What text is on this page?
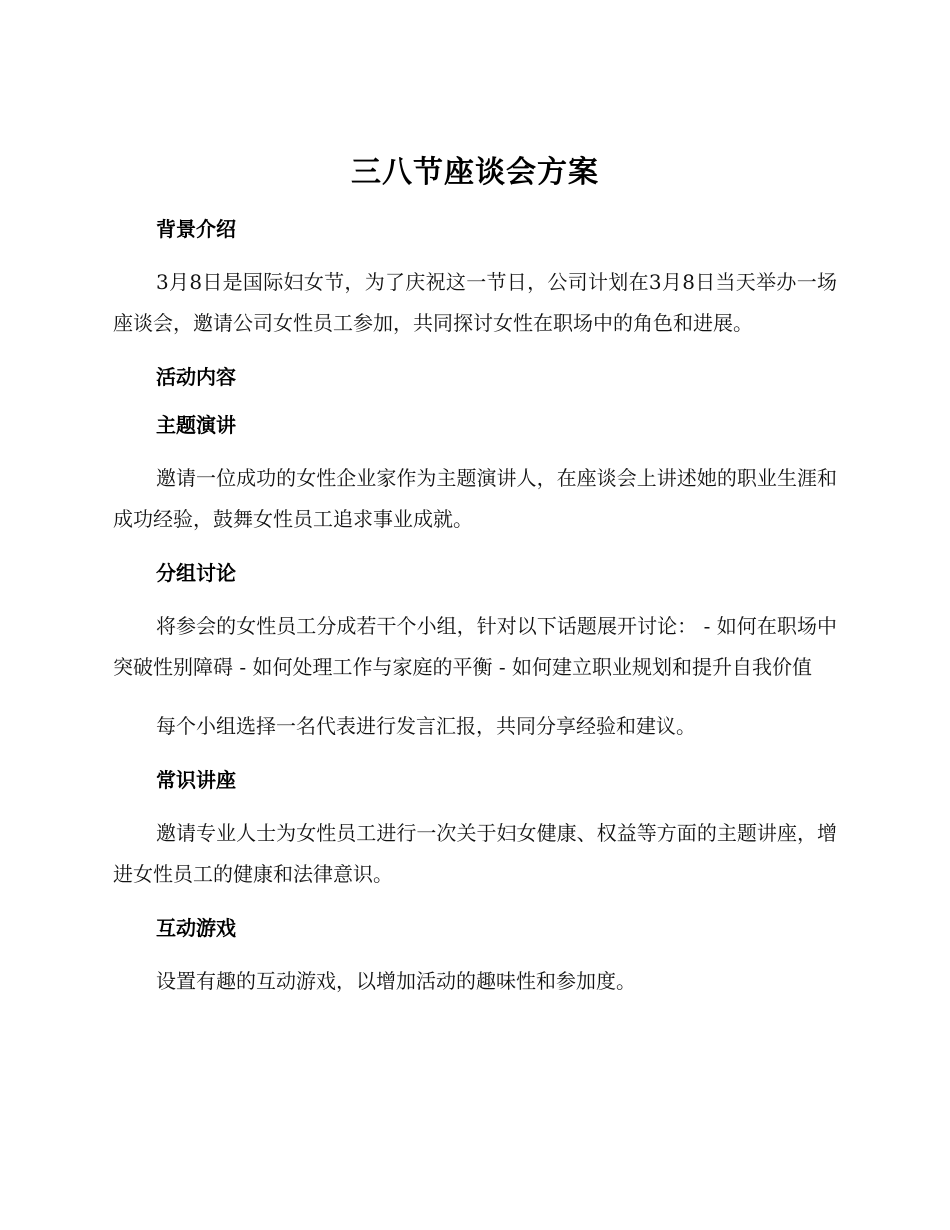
三八节座谈会方案
背景介绍

3月8日是国际妇女节，为了庆祝这一节日，公司计划在3月8日当天举办一场座谈会，邀请公司女性员工参加，共同探讨女性在职场中的角色和进展。

活动内容
主题演讲

邀请一位成功的女性企业家作为主题演讲人，在座谈会上讲述她的职业生涯和成功经验，鼓舞女性员工追求事业成就。

分组讨论

将参会的女性员工分成若干个小组，针对以下话题展开讨论： - 如何在职场中突破性别障碍 - 如何处理工作与家庭的平衡 - 如何建立职业规划和提升自我价值

每个小组选择一名代表进行发言汇报，共同分享经验和建议。

常识讲座

邀请专业人士为女性员工进行一次关于妇女健康、权益等方面的主题讲座，增进女性员工的健康和法律意识。

互动游戏

设置有趣的互动游戏，以增加活动的趣味性和参加度。
